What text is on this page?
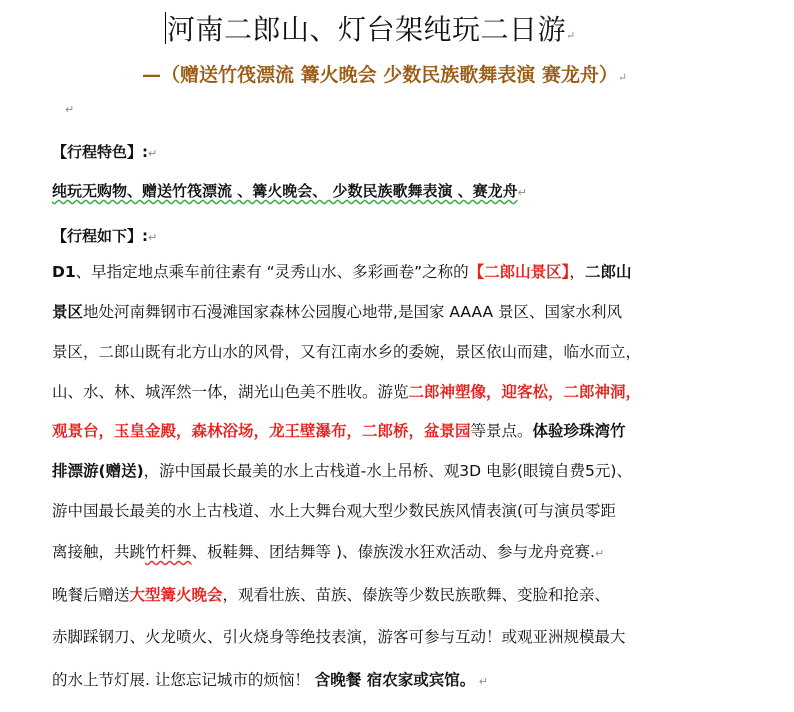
河南二郎山、灯台架纯玩二日游↵
—（赠送竹筏漂流 篝火晚会 少数民族歌舞表演 赛龙舟）↵
↵
【行程特色】:↵
纯玩无购物、赠送竹筏漂流 、篝火晚会、 少数民族歌舞表演 、赛龙舟↵
【行程如下】:↵
D1、早指定地点乘车前往素有 “灵秀山水、多彩画卷”之称的【二郎山景区】，二郎山
景区地处河南舞钢市石漫滩国家森林公园腹心地带,是国家 AAAA 景区、国家水利风
景区，二郎山既有北方山水的风骨，又有江南水乡的委婉，景区依山而建，临水而立，
山、水、林、城浑然一体，湖光山色美不胜收。游览二郎神塑像，迎客松，二郎神洞，
观景台，玉皇金殿，森林浴场，龙王壁瀑布，二郎桥，盆景园等景点。体验珍珠湾竹
排漂游(赠送)，游中国最长最美的水上古栈道-水上吊桥、观3D 电影(眼镜自费5元)、
游中国最长最美的水上古栈道、水上大舞台观大型少数民族风情表演(可与演员零距
离接触，共跳竹杆舞、板鞋舞、团结舞等 )、傣族泼水狂欢活动、参与龙舟竞赛.↵
晚餐后赠送大型篝火晚会，观看壮族、苗族、傣族等少数民族歌舞、变脸和抢亲、
赤脚踩钢刀、火龙喷火、引火烧身等绝技表演，游客可参与互动！或观亚洲规模最大
的水上节灯展. 让您忘记城市的烦恼！ 含晚餐 宿农家或宾馆。 ↵
